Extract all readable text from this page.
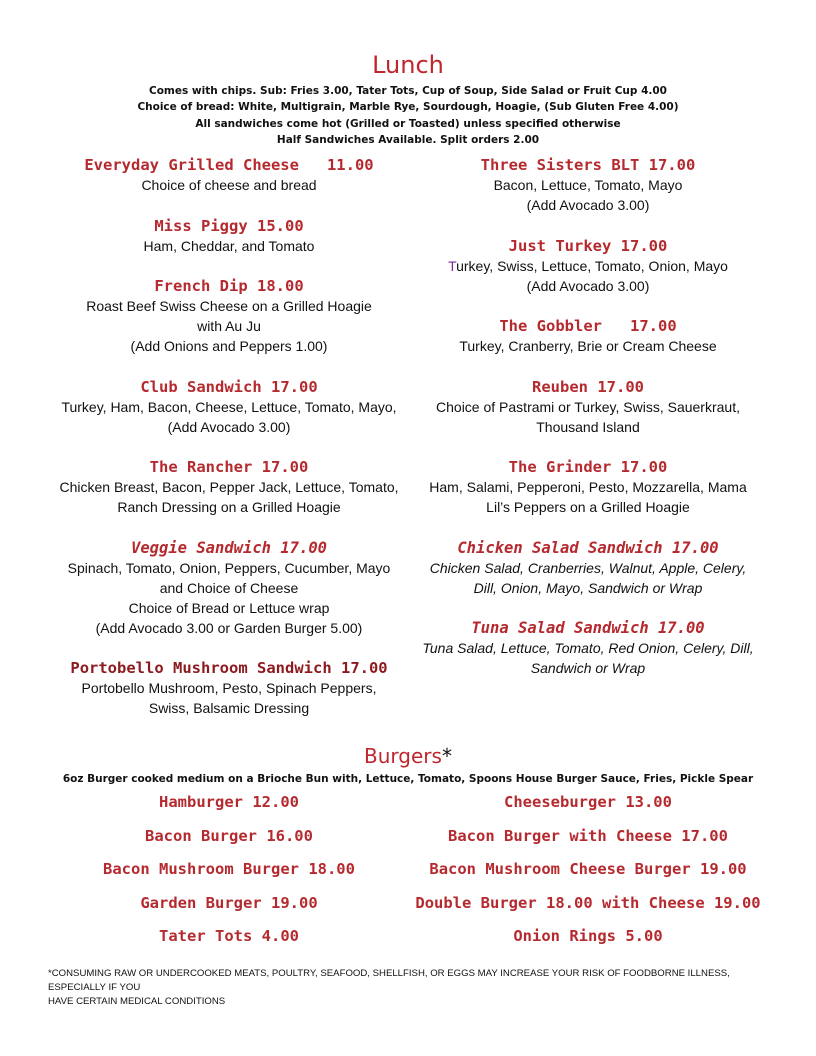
Lunch
Comes with chips. Sub: Fries 3.00, Tater Tots, Cup of Soup, Side Salad or Fruit Cup 4.00
Choice of bread: White, Multigrain, Marble Rye, Sourdough, Hoagie, (Sub Gluten Free 4.00)
All sandwiches come hot (Grilled or Toasted) unless specified otherwise
Half Sandwiches Available. Split orders 2.00
Everyday Grilled Cheese   11.00
Choice of cheese and bread
Miss Piggy 15.00
Ham, Cheddar, and Tomato
French Dip 18.00
Roast Beef Swiss Cheese on a Grilled Hoagie
with Au Ju
(Add Onions and Peppers 1.00)
Club Sandwich 17.00
Turkey, Ham, Bacon, Cheese, Lettuce, Tomato, Mayo,
(Add Avocado 3.00)
The Rancher 17.00
Chicken Breast, Bacon, Pepper Jack, Lettuce, Tomato,
Ranch Dressing on a Grilled Hoagie
Veggie Sandwich 17.00
Spinach, Tomato, Onion, Peppers, Cucumber, Mayo
and Choice of Cheese
Choice of Bread or Lettuce wrap
(Add Avocado 3.00 or Garden Burger 5.00)
Portobello Mushroom Sandwich 17.00
Portobello Mushroom, Pesto, Spinach Peppers,
Swiss, Balsamic Dressing
Three Sisters BLT 17.00
Bacon, Lettuce, Tomato, Mayo
(Add Avocado 3.00)
Just Turkey 17.00
Turkey, Swiss, Lettuce, Tomato, Onion, Mayo
(Add Avocado 3.00)
The Gobbler   17.00
Turkey, Cranberry, Brie or Cream Cheese
Reuben 17.00
Choice of Pastrami or Turkey, Swiss, Sauerkraut,
Thousand Island
The Grinder 17.00
Ham, Salami, Pepperoni, Pesto, Mozzarella, Mama
Lil’s Peppers on a Grilled Hoagie
Chicken Salad Sandwich 17.00
Chicken Salad, Cranberries, Walnut, Apple, Celery,
Dill, Onion, Mayo, Sandwich or Wrap
Tuna Salad Sandwich 17.00
Tuna Salad, Lettuce, Tomato, Red Onion, Celery, Dill,
Sandwich or Wrap
Burgers*
6oz Burger cooked medium on a Brioche Bun with, Lettuce, Tomato, Spoons House Burger Sauce, Fries, Pickle Spear
Hamburger 12.00	Cheeseburger 13.00
Bacon Burger 16.00	Bacon Burger with Cheese 17.00
Bacon Mushroom Burger 18.00	Bacon Mushroom Cheese Burger 19.00
Garden Burger 19.00	Double Burger 18.00 with Cheese 19.00
Tater Tots 4.00	Onion Rings 5.00
*CONSUMING RAW OR UNDERCOOKED MEATS, POULTRY, SEAFOOD, SHELLFISH, OR EGGS MAY INCREASE YOUR RISK OF FOODBORNE ILLNESS, ESPECIALLY IF YOU
HAVE CERTAIN MEDICAL CONDITIONS
